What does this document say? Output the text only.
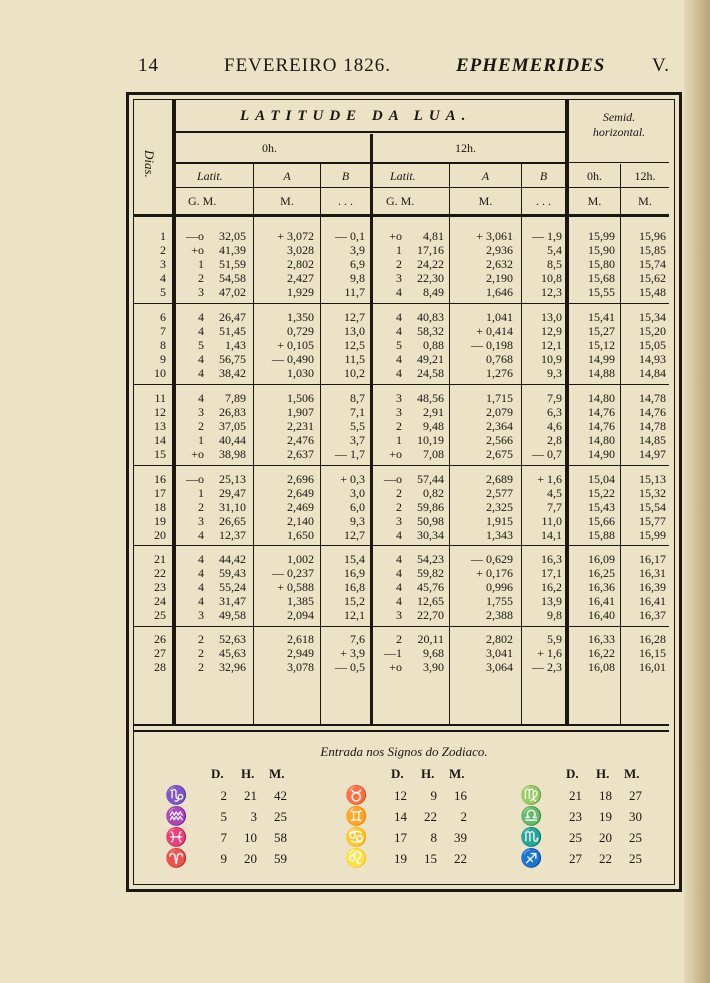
14	FEVEREIRO 1826.	EPHEMERIDES V.
Dias.
LATITUDE DA LUA.
0h.	12h.
Semid.
horizontal.
Latit.	A	B	Latit.	A	B	0h.	12h.
G. M.	M.	. . .	G. M.	M.	. . .	M.	M.
1	—o	32,05	+ 3,072	— 0,1	+o	4,81	+ 3,061	— 1,9	15,99	15,96
2	+o	41,39	3,028	3,9	1	17,16	2,936	5,4	15,90	15,85
3	1	51,59	2,802	6,9	2	24,22	2,632	8,5	15,80	15,74
4	2	54,58	2,427	9,8	3	22,30	2,190	10,8	15,68	15,62
5	3	47,02	1,929	11,7	4	8,49	1,646	12,3	15,55	15,48
6	4	26,47	1,350	12,7	4	40,83	1,041	13,0	15,41	15,34
7	4	51,45	0,729	13,0	4	58,32	+ 0,414	12,9	15,27	15,20
8	5	1,43	+ 0,105	12,5	5	0,88	— 0,198	12,1	15,12	15,05
9	4	56,75	— 0,490	11,5	4	49,21	0,768	10,9	14,99	14,93
10	4	38,42	1,030	10,2	4	24,58	1,276	9,3	14,88	14,84
11	4	7,89	1,506	8,7	3	48,56	1,715	7,9	14,80	14,78
12	3	26,83	1,907	7,1	3	2,91	2,079	6,3	14,76	14,76
13	2	37,05	2,231	5,5	2	9,48	2,364	4,6	14,76	14,78
14	1	40,44	2,476	3,7	1	10,19	2,566	2,8	14,80	14,85
15	+o	38,98	2,637	— 1,7	+o	7,08	2,675	— 0,7	14,90	14,97
16	—o	25,13	2,696	+ 0,3	—o	57,44	2,689	+ 1,6	15,04	15,13
17	1	29,47	2,649	3,0	2	0,82	2,577	4,5	15,22	15,32
18	2	31,10	2,469	6,0	2	59,86	2,325	7,7	15,43	15,54
19	3	26,65	2,140	9,3	3	50,98	1,915	11,0	15,66	15,77
20	4	12,37	1,650	12,7	4	30,34	1,343	14,1	15,88	15,99
21	4	44,42	1,002	15,4	4	54,23	— 0,629	16,3	16,09	16,17
22	4	59,43	— 0,237	16,9	4	59,82	+ 0,176	17,1	16,25	16,31
23	4	55,24	+ 0,588	16,8	4	45,76	0,996	16,2	16,36	16,39
24	4	31,47	1,385	15,2	4	12,65	1,755	13,9	16,41	16,41
25	3	49,58	2,094	12,1	3	22,70	2,388	9,8	16,40	16,37
26	2	52,63	2,618	7,6	2	20,11	2,802	5,9	16,33	16,28
27	2	45,63	2,949	+ 3,9	—1	9,68	3,041	+ 1,6	16,22	16,15
28	2	32,96	3,078	— 0,5	+o	3,90	3,064	— 2,3	16,08	16,01
Entrada nos Signos do Zodiaco.
D. H. M.
♑	2	21	42
♒	5	3	25
♓	7	10	58
♈	9	20	59
D. H. M.
♉	12	9	16
♊	14	22	2
♋	17	8	39
♌	19	15	22
D. H. M.
♍	21	18	27
♎	23	19	30
♏	25	20	25
♐	27	22	25
